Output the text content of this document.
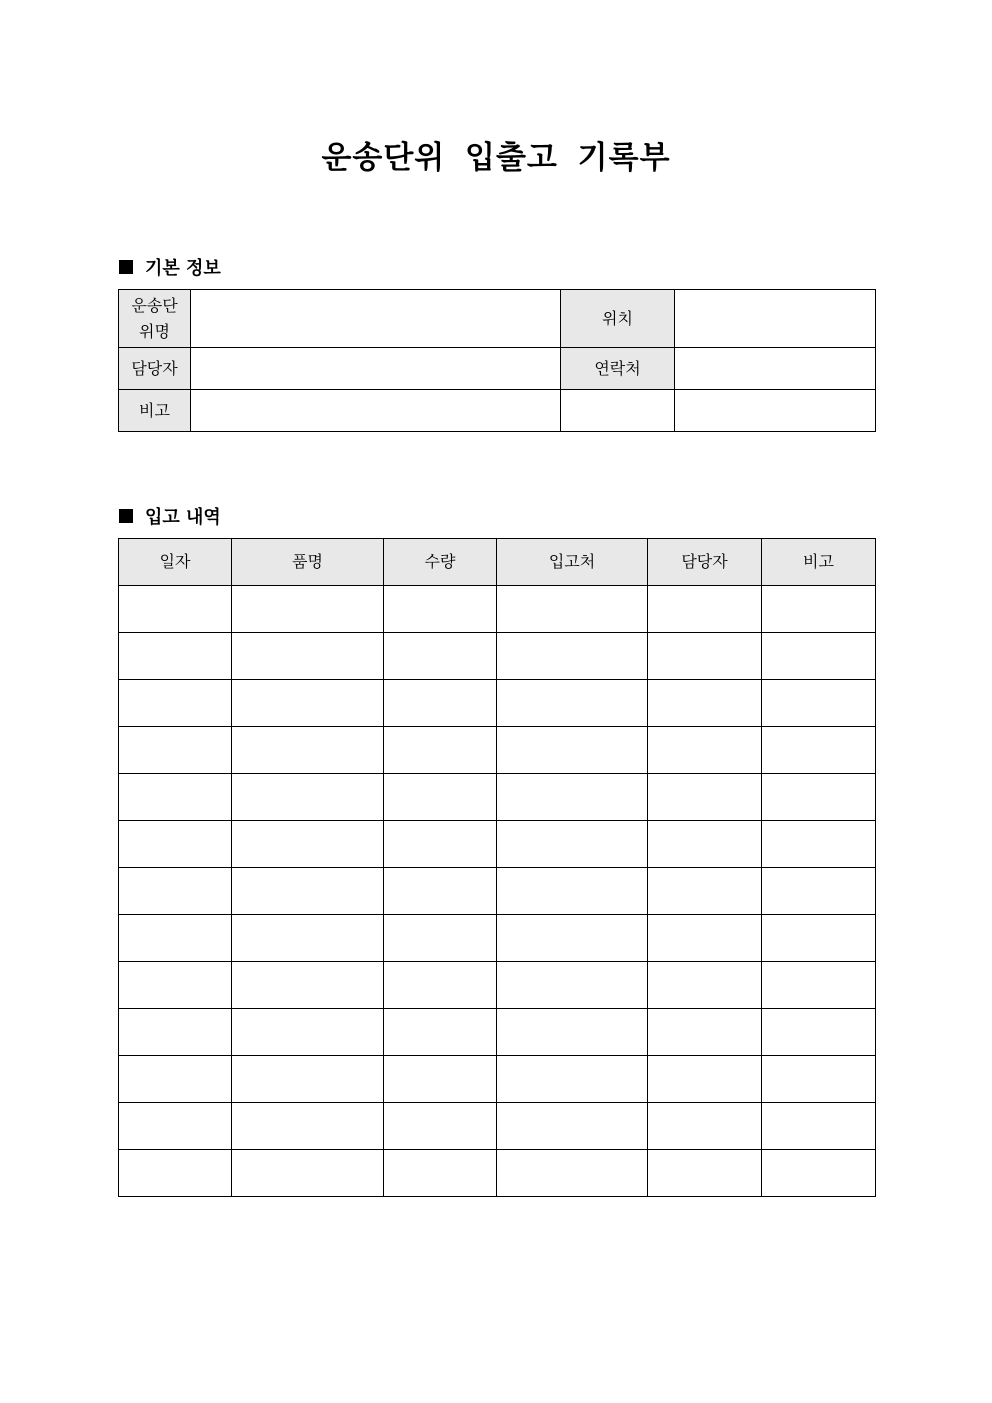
운송단위 입출고 기록부
기본 정보
운송단위명		위치	
담당자		연락처	
비고			
입고 내역
일자	품명	수량	입고처	담당자	비고
